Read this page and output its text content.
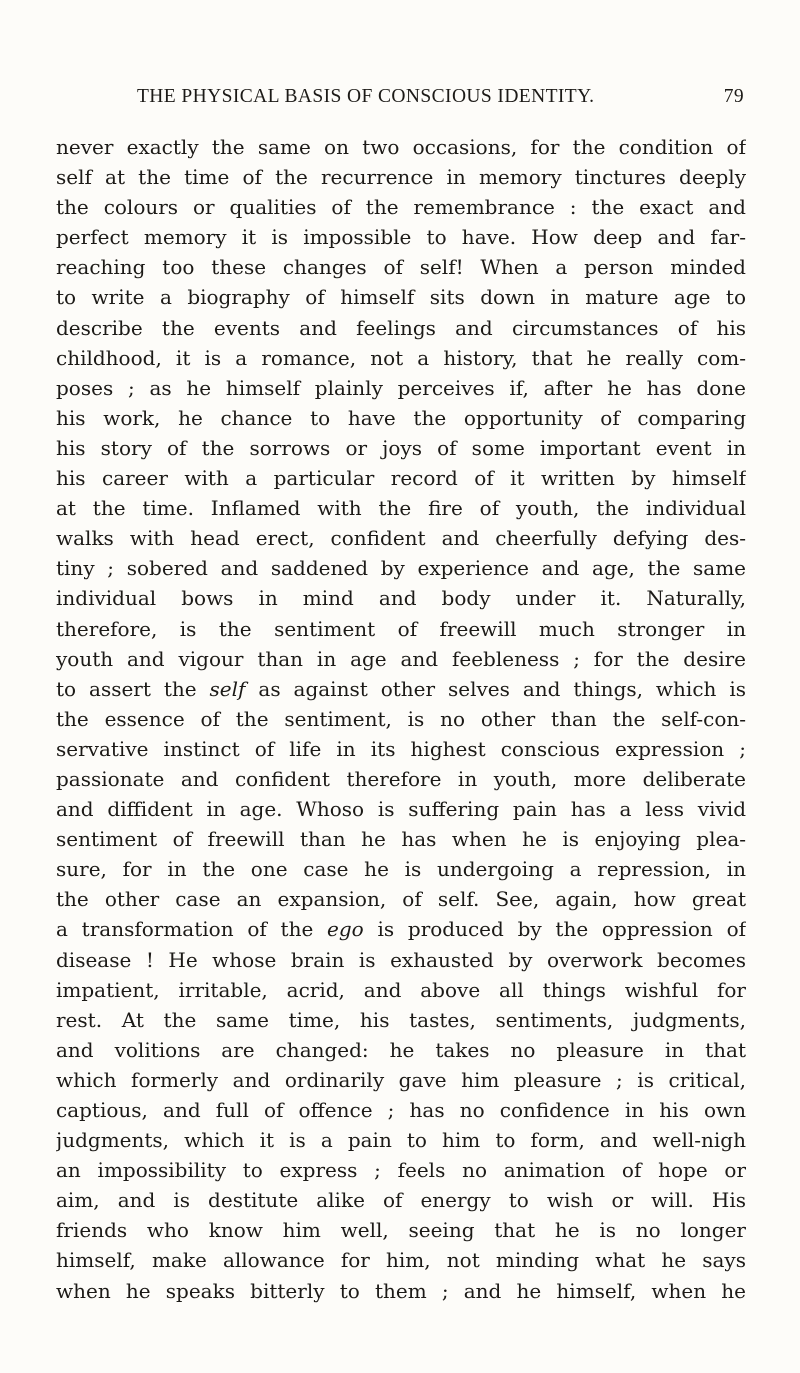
THE PHYSICAL BASIS OF CONSCIOUS IDENTITY.	79
never exactly the same on two occasions, for the condition of
self at the time of the recurrence in memory tinctures deeply
the colours or qualities of the remembrance : the exact and
perfect memory it is impossible to have. How deep and far-
reaching too these changes of self! When a person minded
to write a biography of himself sits down in mature age to
describe the events and feelings and circumstances of his
childhood, it is a romance, not a history, that he really com-
poses ; as he himself plainly perceives if, after he has done
his work, he chance to have the opportunity of comparing
his story of the sorrows or joys of some important event in
his career with a particular record of it written by himself
at the time. Inflamed with the fire of youth, the individual
walks with head erect, confident and cheerfully defying des-
tiny ; sobered and saddened by experience and age, the same
individual bows in mind and body under it. Naturally,
therefore, is the sentiment of freewill much stronger in
youth and vigour than in age and feebleness ; for the desire
to assert the self as against other selves and things, which is
the essence of the sentiment, is no other than the self-con-
servative instinct of life in its highest conscious expression ;
passionate and confident therefore in youth, more deliberate
and diffident in age. Whoso is suffering pain has a less vivid
sentiment of freewill than he has when he is enjoying plea-
sure, for in the one case he is undergoing a repression, in
the other case an expansion, of self. See, again, how great
a transformation of the ego is produced by the oppression of
disease ! He whose brain is exhausted by overwork becomes
impatient, irritable, acrid, and above all things wishful for
rest. At the same time, his tastes, sentiments, judgments,
and volitions are changed: he takes no pleasure in that
which formerly and ordinarily gave him pleasure ; is critical,
captious, and full of offence ; has no confidence in his own
judgments, which it is a pain to him to form, and well-nigh
an impossibility to express ; feels no animation of hope or
aim, and is destitute alike of energy to wish or will. His
friends who know him well, seeing that he is no longer
himself, make allowance for him, not minding what he says
when he speaks bitterly to them ; and he himself, when he
